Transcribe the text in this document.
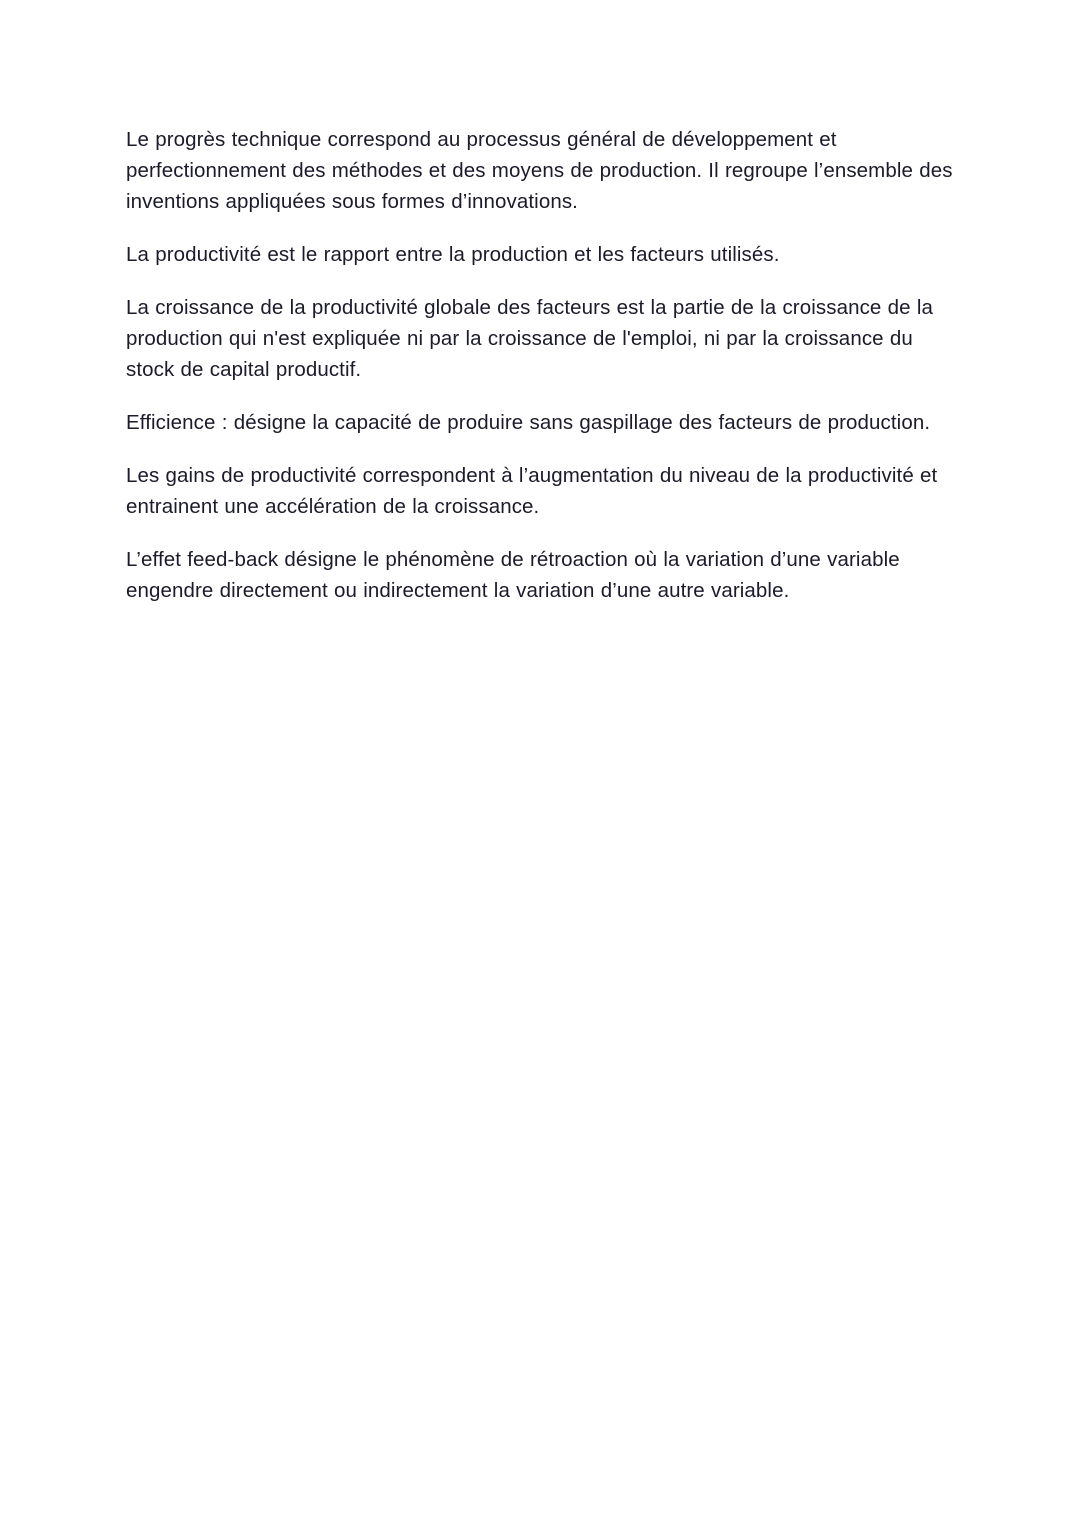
Le progrès technique correspond au processus général de développement et perfectionnement des méthodes et des moyens de production. Il regroupe l’ensemble des inventions appliquées sous formes d’innovations.

La productivité est le rapport entre la production et les facteurs utilisés.

La croissance de la productivité globale des facteurs est la partie de la croissance de la production qui n'est expliquée ni par la croissance de l'emploi, ni par la croissance du stock de capital productif.

Efficience : désigne la capacité de produire sans gaspillage des facteurs de production.

Les gains de productivité correspondent à l’augmentation du niveau de la productivité et entrainent une accélération de la croissance.

L’effet feed-back désigne le phénomène de rétroaction où la variation d’une variable engendre directement ou indirectement la variation d’une autre variable.
